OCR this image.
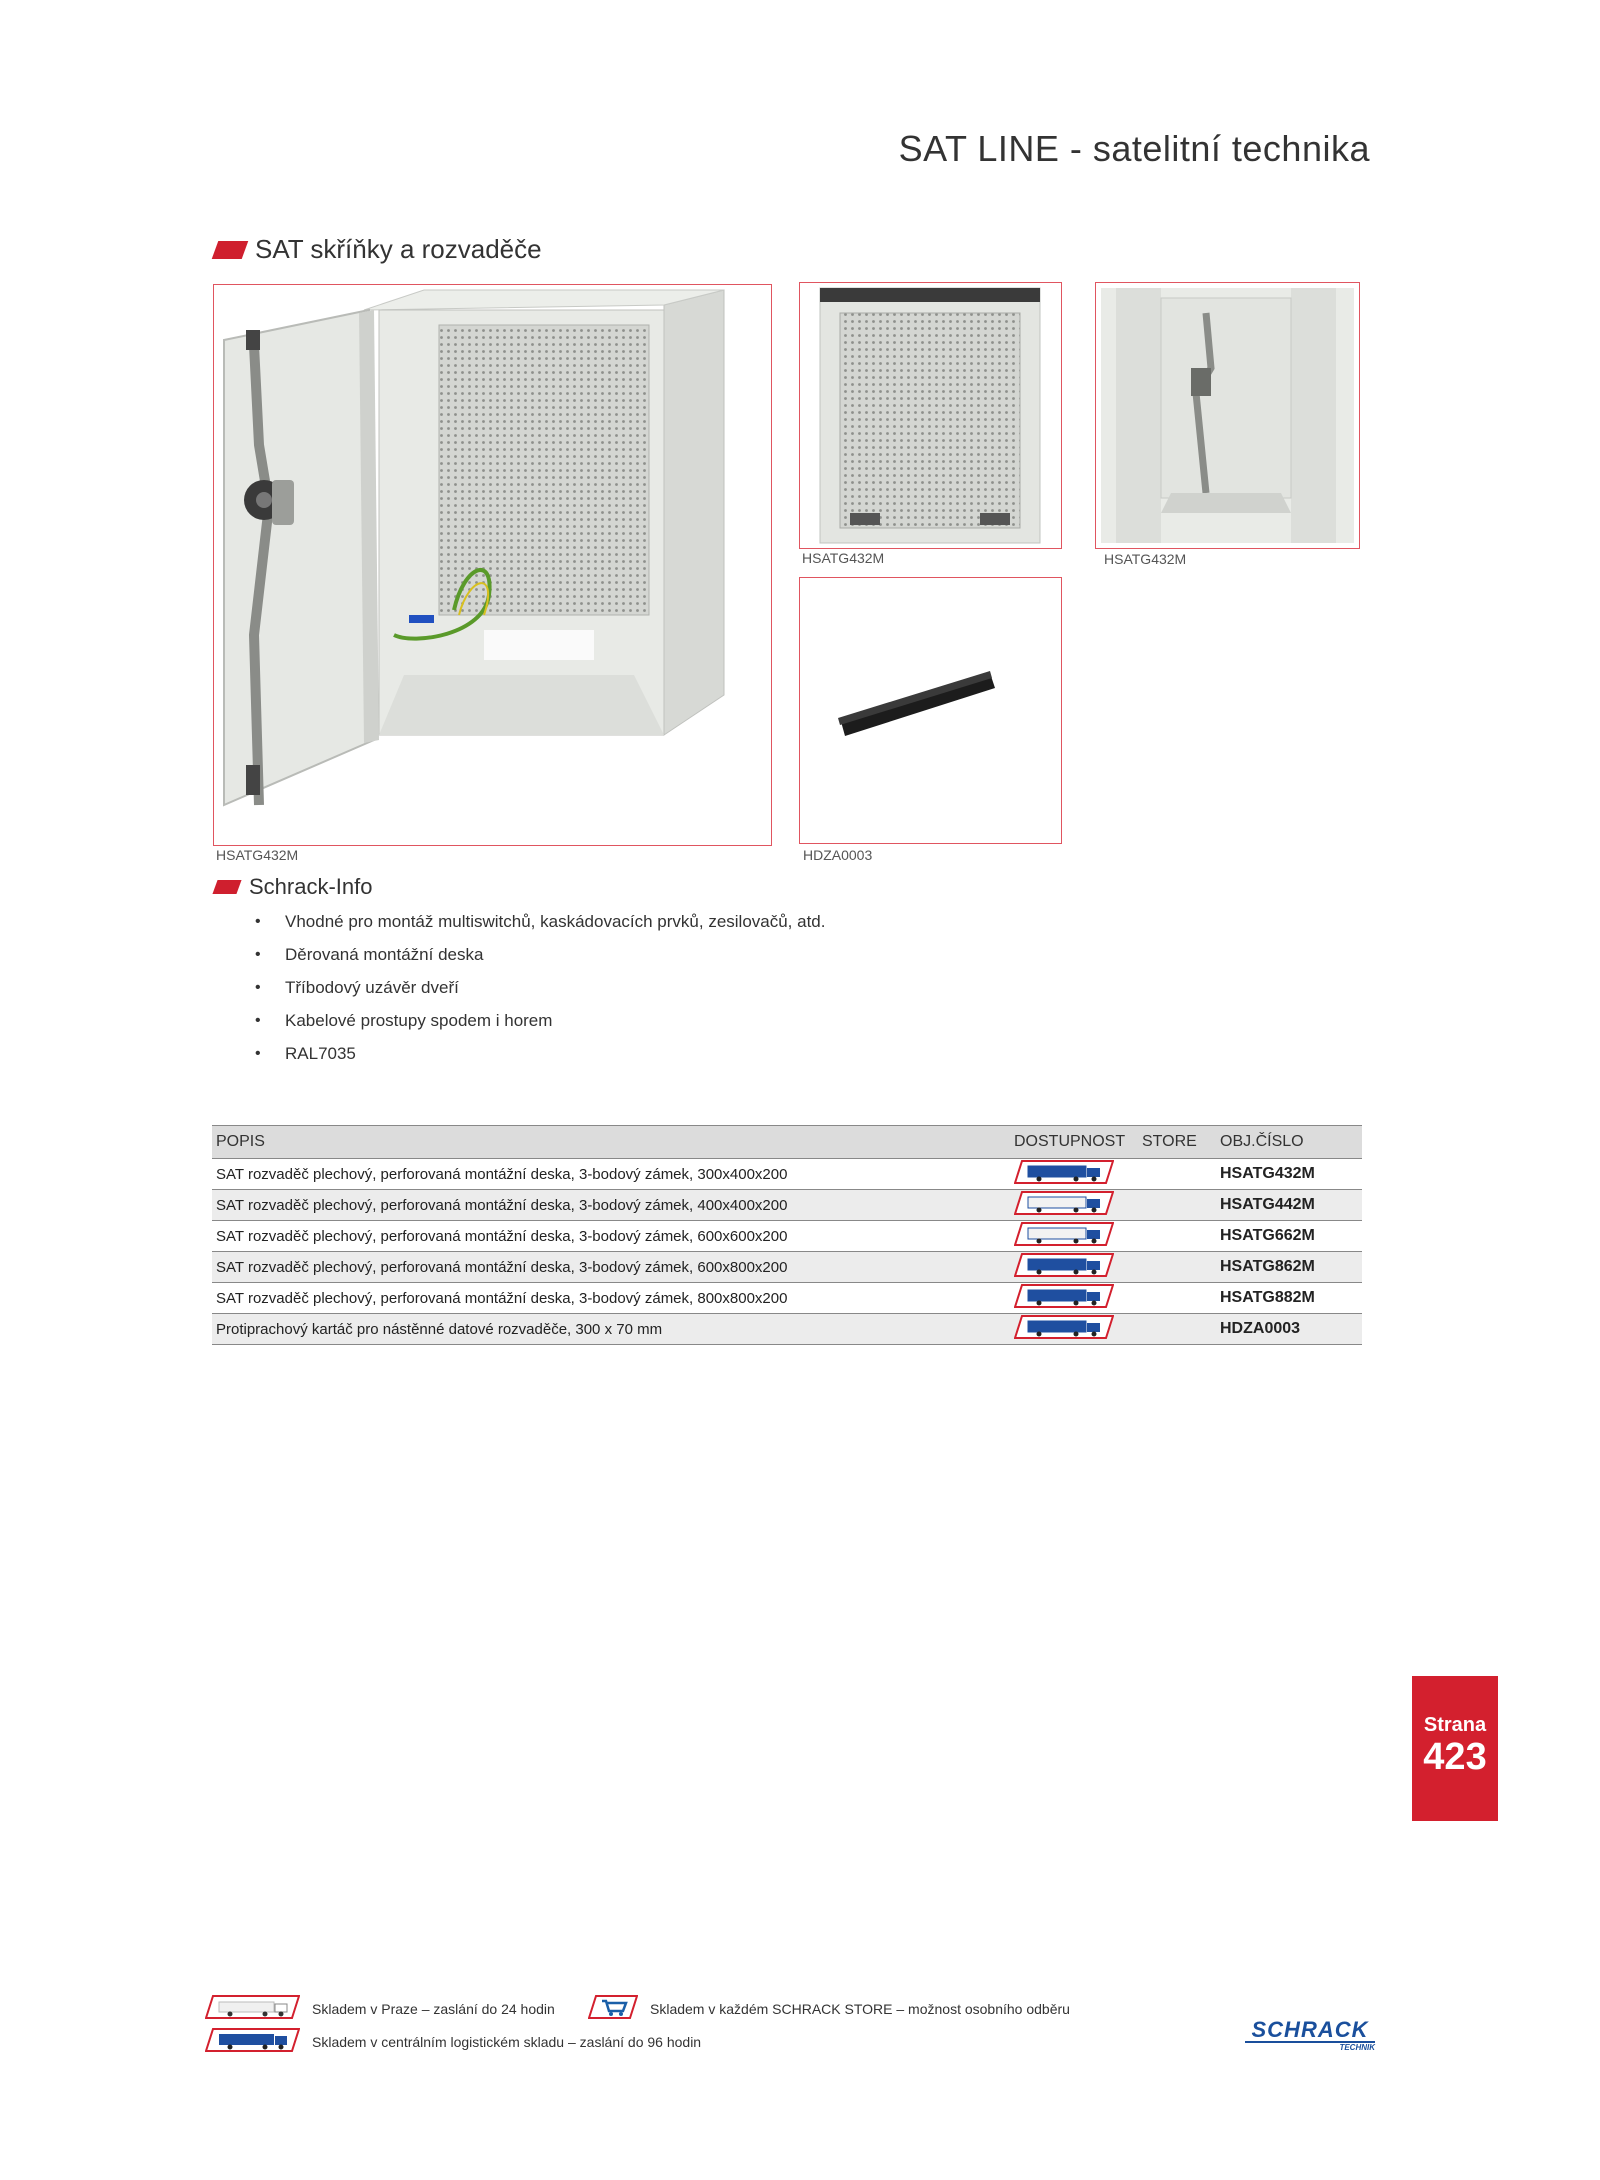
SAT LINE - satelitní technika
SAT skříňky a rozvaděče
HSATG432M
HSATG432M	HSATG432M
HDZA0003
Schrack-Info
•	Vhodné pro montáž multiswitchů, kaskádovacích prvků, zesilovačů, atd.
•	Děrovaná montážní deska
•	Tříbodový uzávěr dveří
•	Kabelové prostupy spodem i horem
•	RAL7035
POPIS	DOSTUPNOST	STORE	OBJ.ČÍSLO
SAT rozvaděč plechový, perforovaná montážní deska, 3-bodový zámek, 300x400x200			HSATG432M
SAT rozvaděč plechový, perforovaná montážní deska, 3-bodový zámek, 400x400x200			HSATG442M
SAT rozvaděč plechový, perforovaná montážní deska, 3-bodový zámek, 600x600x200			HSATG662M
SAT rozvaděč plechový, perforovaná montážní deska, 3-bodový zámek, 600x800x200			HSATG862M
SAT rozvaděč plechový, perforovaná montážní deska, 3-bodový zámek, 800x800x200			HSATG882M
Protiprachový kartáč pro nástěnné datové rozvaděče, 300 x 70 mm			HDZA0003
Strana
423
Skladem v Praze – zaslání do 24 hodin	Skladem v každém SCHRACK STORE – možnost osobního odběru
Skladem v centrálním logistickém skladu – zaslání do 96 hodin	SCHRACK
TECHNIK
